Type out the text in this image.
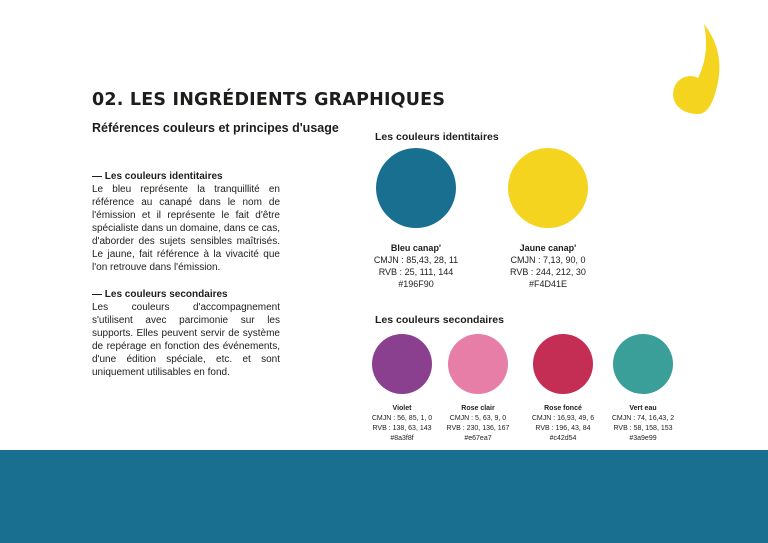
02. LES INGRÉDIENTS GRAPHIQUES
Références couleurs et principes d'usage

— Les couleurs identitaires

Le bleu représente la tranquillité en référence au canapé dans le nom de l'émission et il représente le fait d'être spécialiste dans un domaine, dans ce cas, d'aborder des sujets sensibles maîtrisés. Le jaune, fait référence à la vivacité que l'on retrouve dans l'émission.

— Les couleurs secondaires

Les couleurs d'accompagnement s'utilisent avec parcimonie sur les supports. Elles peuvent servir de système de repérage en fonction des événements, d'une édition spéciale, etc. et sont uniquement utilisables en fond.

Les couleurs identitaires
Bleu canap'
CMJN : 85,43, 28, 11
RVB : 25, 111, 144
#196F90
Jaune canap'
CMJN : 7,13, 90, 0
RVB : 244, 212, 30
#F4D41E
Les couleurs secondaires
Violet
CMJN : 56, 85, 1, 0
RVB : 138, 63, 143
#8a3f8f
Rose clair
CMJN : 5, 63, 9, 0
RVB : 230, 136, 167
#e67ea7
Rose foncé
CMJN : 16,93, 49, 6
RVB : 196, 43, 84
#c42d54
Vert eau
CMJN : 74, 16,43, 2
RVB : 58, 158, 153
#3a9e99
